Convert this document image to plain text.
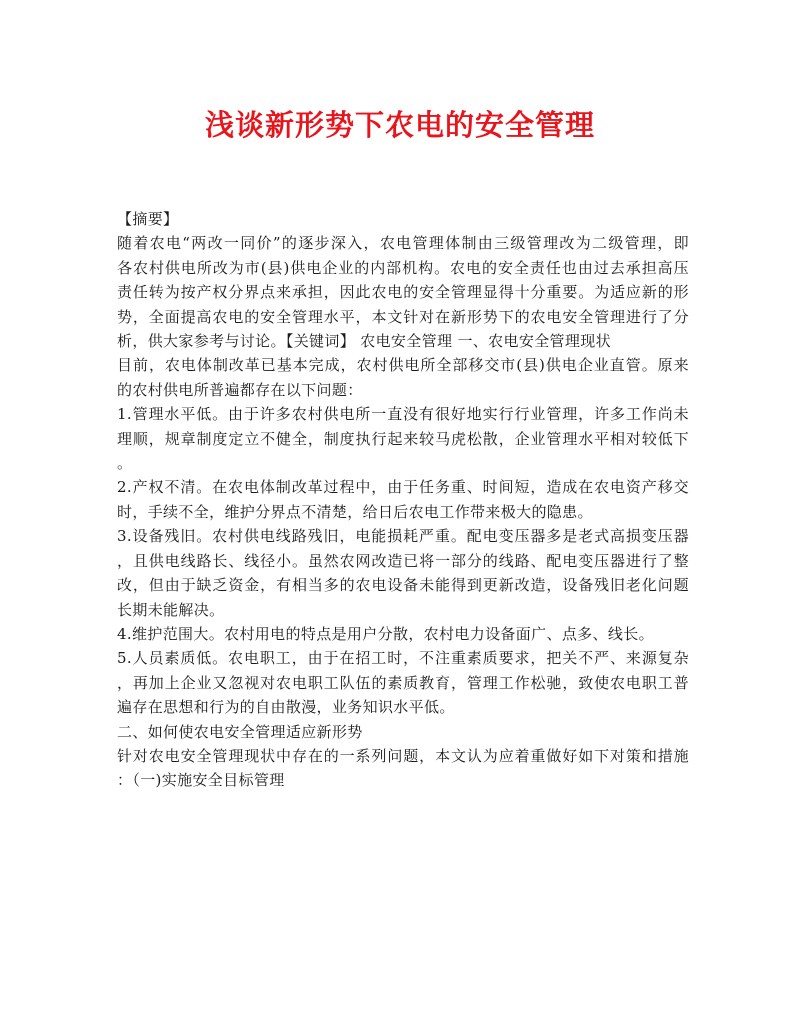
浅谈新形势下农电的安全管理

【摘要】

随着农电“两改一同价”的逐步深入，农电管理体制由三级管理改为二级管理，即

各农村供电所改为市(县)供电企业的内部机构。农电的安全责任也由过去承担高压

责任转为按产权分界点来承担，因此农电的安全管理显得十分重要。为适应新的形

势，全面提高农电的安全管理水平，本文针对在新形势下的农电安全管理进行了分

析，供大家参考与讨论。【关键词】 农电安全管理 一、农电安全管理现状

目前，农电体制改革已基本完成，农村供电所全部移交市(县)供电企业直管。原来

的农村供电所普遍都存在以下问题：

1.管理水平低。由于许多农村供电所一直没有很好地实行行业管理，许多工作尚未

理顺，规章制度定立不健全，制度执行起来较马虎松散，企业管理水平相对较低下

。

2.产权不清。在农电体制改革过程中，由于任务重、时间短，造成在农电资产移交

时，手续不全，维护分界点不清楚，给日后农电工作带来极大的隐患。

3.设备残旧。农村供电线路残旧，电能损耗严重。配电变压器多是老式高损变压器

，且供电线路长、线径小。虽然农网改造已将一部分的线路、配电变压器进行了整

改，但由于缺乏资金，有相当多的农电设备未能得到更新改造，设备残旧老化问题

长期未能解决。

4.维护范围大。农村用电的特点是用户分散，农村电力设备面广、点多、线长。

5.人员素质低。农电职工，由于在招工时，不注重素质要求，把关不严、来源复杂

，再加上企业又忽视对农电职工队伍的素质教育，管理工作松驰，致使农电职工普

遍存在思想和行为的自由散漫，业务知识水平低。

二、如何使农电安全管理适应新形势

针对农电安全管理现状中存在的一系列问题，本文认为应着重做好如下对策和措施

：（一)实施安全目标管理
